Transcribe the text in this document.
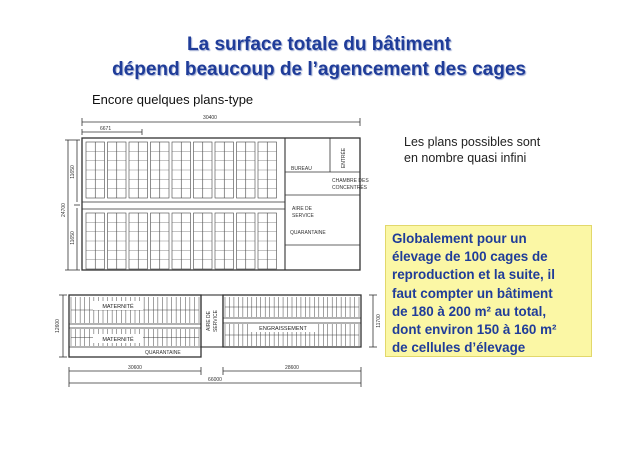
La surface totale du bâtiment
dépend beaucoup de l’agencement des cages
Encore quelques plans-type
Les plans possibles sont
en nombre quasi infini
Globalement pour un
élevage de 100 cages de
reproduction et la suite, il
faut compter un bâtiment
de 180 à 200 m² au total,
dont environ 150 à 160 m²
de cellules d’élevage
30400
6671
24700
11650
11650
ENTRÉE
BUREAU
CHAMBRE DES
CONCENTRÉS
AIRE DE
SERVICE
QUARANTAINE
MATERNITÉ
MATERNITÉ
ENGRAISSEMENT
AIRE DE SERVICE
QUARANTAINE
12600	11700
30600	28600
66000
